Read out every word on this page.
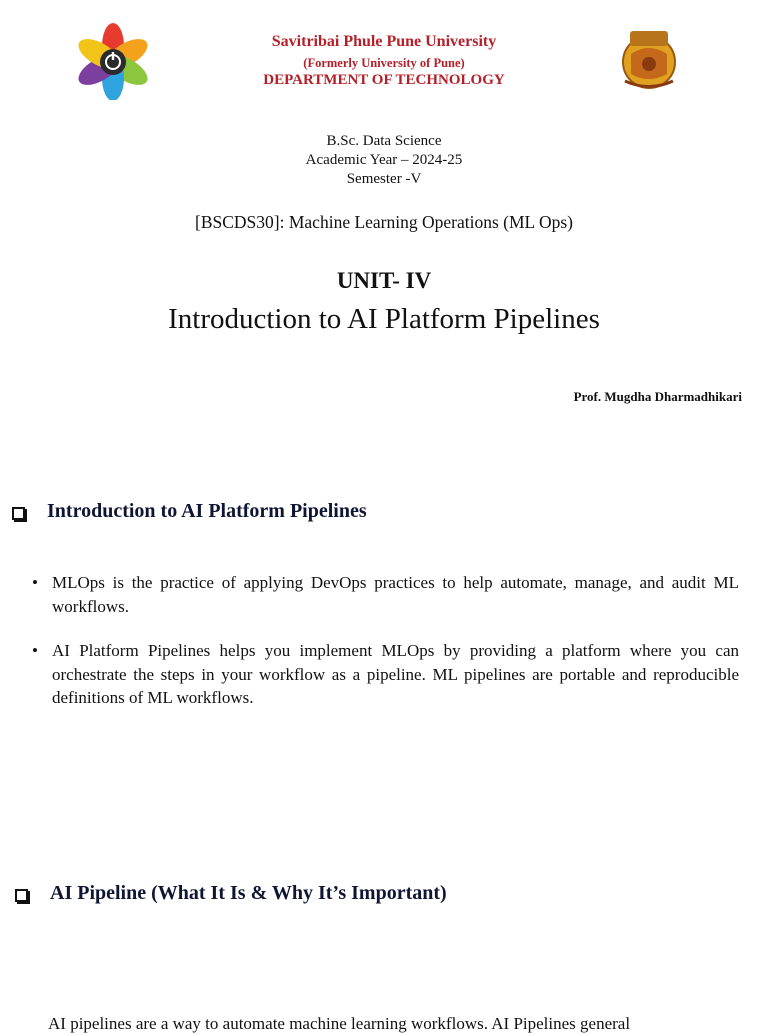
Savitribai Phule Pune University
(Formerly University of Pune)
DEPARTMENT OF TECHNOLOGY
B.Sc. Data Science
Academic Year – 2024-25
Semester -V
[BSCDS30]: Machine Learning Operations (ML Ops)
UNIT- IV
Introduction to AI Platform Pipelines
Prof. Mugdha Dharmadhikari
Introduction to AI Platform Pipelines
• MLOps is the practice of applying DevOps practices to help automate, manage, and audit ML workflows.
• AI Platform Pipelines helps you implement MLOps by providing a platform where you can orchestrate the steps in your workflow as a pipeline. ML pipelines are portable and reproducible definitions of ML workflows.
AI Pipeline (What It Is & Why It’s Important)
AI pipelines are a way to automate machine learning workflows. AI Pipelines general
